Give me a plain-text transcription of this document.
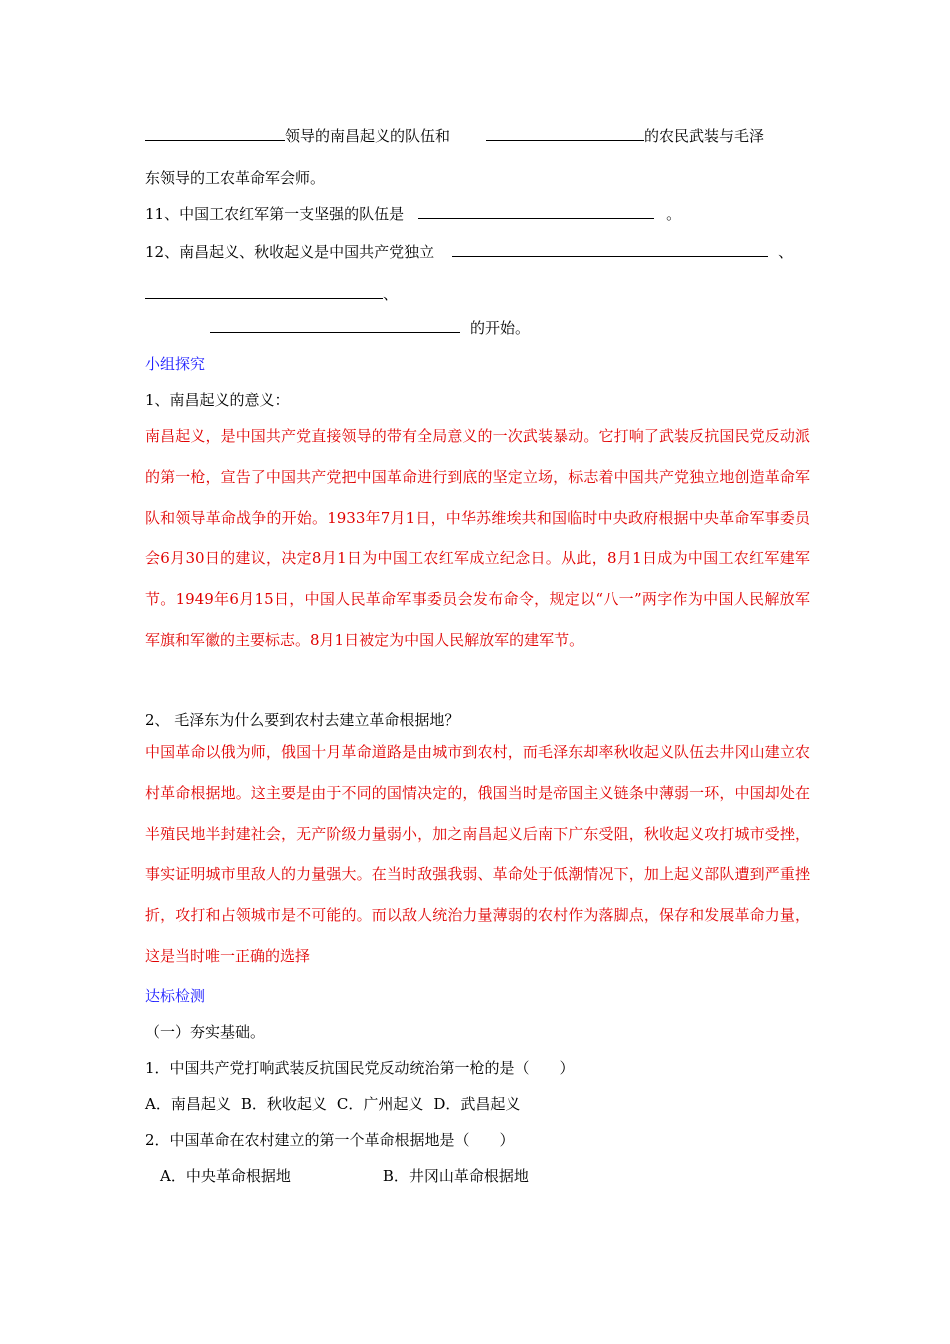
领导的南昌起义的队伍和	的农民武装与毛泽
东领导的工农革命军会师。
11、中国工农红军第一支坚强的队伍是	。
12、南昌起义、秋收起义是中国共产党独立	、
、
的开始。
小组探究
1、南昌起义的意义：
南昌起义，是中国共产党直接领导的带有全局意义的一次武装暴动。它打响了武装反抗国民党反动派的第一枪，宣告了中国共产党把中国革命进行到底的坚定立场，标志着中国共产党独立地创造革命军队和领导革命战争的开始。1933年7月1日，中华苏维埃共和国临时中央政府根据中央革命军事委员会6月30日的建议，决定8月1日为中国工农红军成立纪念日。从此，8月1日成为中国工农红军建军节。1949年6月15日，中国人民革命军事委员会发布命令，规定以“八一”两字作为中国人民解放军军旗和军徽的主要标志。8月1日被定为中国人民解放军的建军节。
2、 毛泽东为什么要到农村去建立革命根据地？
中国革命以俄为师，俄国十月革命道路是由城市到农村，而毛泽东却率秋收起义队伍去井冈山建立农村革命根据地。这主要是由于不同的国情决定的，俄国当时是帝国主义链条中薄弱一环，中国却处在半殖民地半封建社会，无产阶级力量弱小，加之南昌起义后南下广东受阻，秋收起义攻打城市受挫，事实证明城市里敌人的力量强大。在当时敌强我弱、革命处于低潮情况下，加上起义部队遭到严重挫折，攻打和占领城市是不可能的。而以敌人统治力量薄弱的农村作为落脚点，保存和发展革命力量，这是当时唯一正确的选择
达标检测
（一）夯实基础。
1．中国共产党打响武装反抗国民党反动统治第一枪的是（　　）
A．南昌起义 B．秋收起义 C．广州起义 D．武昌起义
2．中国革命在农村建立的第一个革命根据地是（　　）
A．中央革命根据地	B．井冈山革命根据地
